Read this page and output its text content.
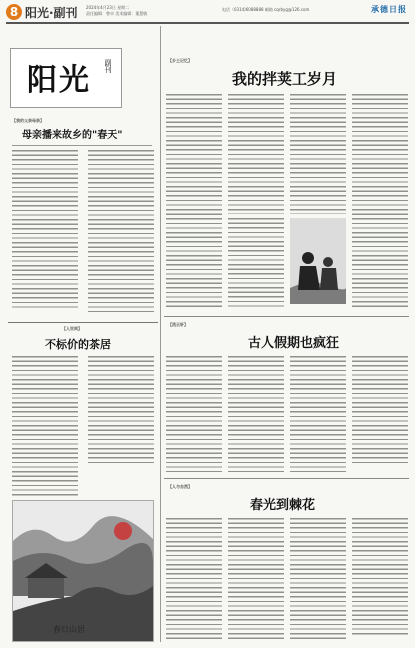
8 阳光·副刊 2024年4月23日 星期二
责任编辑：曾卓 美术编辑：董慧敏
电话（0314)6088888 邮箱 cqrbyg@126.com	承德日报
阳光 副刊
【我的父亲母亲】
母亲播来故乡的"春天"
【人世间】
不标价的茶居
春日山居
【乡土记忆】
我的拌荚工岁月
【流云轩】
古人假期也疯狂
【人与自然】
春光到棘花
